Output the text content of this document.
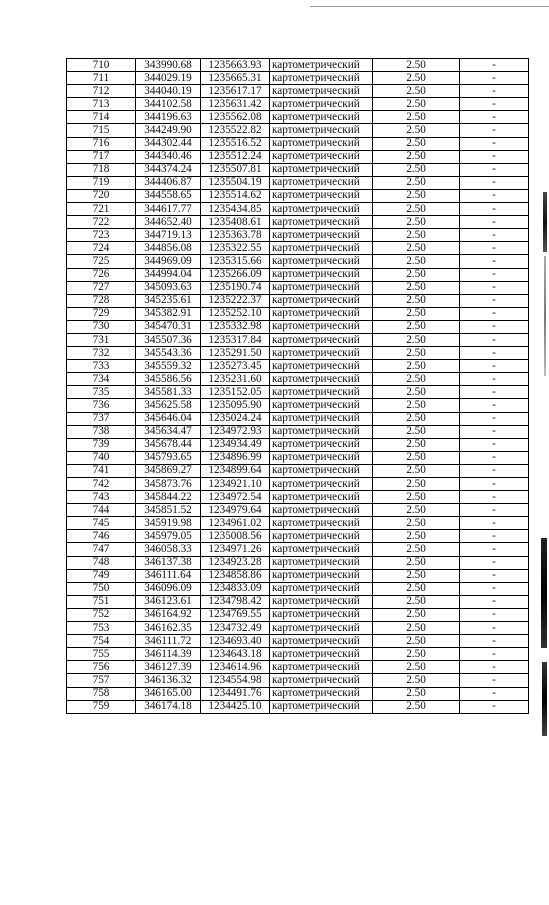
710	343990.68	1235663.93	картометрический	2.50	-
711	344029.19	1235665.31	картометрический	2.50	-
712	344040.19	1235617.17	картометрический	2.50	-
713	344102.58	1235631.42	картометрический	2.50	-
714	344196.63	1235562.08	картометрический	2.50	-
715	344249.90	1235522.82	картометрический	2.50	-
716	344302.44	1235516.52	картометрический	2.50	-
717	344340.46	1235512.24	картометрический	2.50	-
718	344374.24	1235507.81	картометрический	2.50	-
719	344406.87	1235504.19	картометрический	2.50	-
720	344558.65	1235514.62	картометрический	2.50	-
721	344617.77	1235434.85	картометрический	2.50	-
722	344652.40	1235408.61	картометрический	2.50	-
723	344719.13	1235363.78	картометрический	2.50	-
724	344856.08	1235322.55	картометрический	2.50	-
725	344969.09	1235315.66	картометрический	2.50	-
726	344994.04	1235266.09	картометрический	2.50	-
727	345093.63	1235190.74	картометрический	2.50	-
728	345235.61	1235222.37	картометрический	2.50	-
729	345382.91	1235252.10	картометрический	2.50	-
730	345470.31	1235332.98	картометрический	2.50	-
731	345507.36	1235317.84	картометрический	2.50	-
732	345543.36	1235291.50	картометрический	2.50	-
733	345559.32	1235273.45	картометрический	2.50	-
734	345586.56	1235231.60	картометрический	2.50	-
735	345581.33	1235152.05	картометрический	2.50	-
736	345625.58	1235095.90	картометрический	2.50	-
737	345646.04	1235024.24	картометрический	2.50	-
738	345634.47	1234972.93	картометрический	2.50	-
739	345678.44	1234934.49	картометрический	2.50	-
740	345793.65	1234896.99	картометрический	2.50	-
741	345869.27	1234899.64	картометрический	2.50	-
742	345873.76	1234921.10	картометрический	2.50	-
743	345844.22	1234972.54	картометрический	2.50	-
744	345851.52	1234979.64	картометрический	2.50	-
745	345919.98	1234961.02	картометрический	2.50	-
746	345979.05	1235008.56	картометрический	2.50	-
747	346058.33	1234971.26	картометрический	2.50	-
748	346137.38	1234923.28	картометрический	2.50	-
749	346111.64	1234858.86	картометрический	2.50	-
750	346096.09	1234833.09	картометрический	2.50	-
751	346123.61	1234798.42	картометрический	2.50	-
752	346164.92	1234769.55	картометрический	2.50	-
753	346162.35	1234732.49	картометрический	2.50	-
754	346111.72	1234693.40	картометрический	2.50	-
755	346114.39	1234643.18	картометрический	2.50	-
756	346127.39	1234614.96	картометрический	2.50	-
757	346136.32	1234554.98	картометрический	2.50	-
758	346165.00	1234491.76	картометрический	2.50	-
759	346174.18	1234425.10	картометрический	2.50	-
